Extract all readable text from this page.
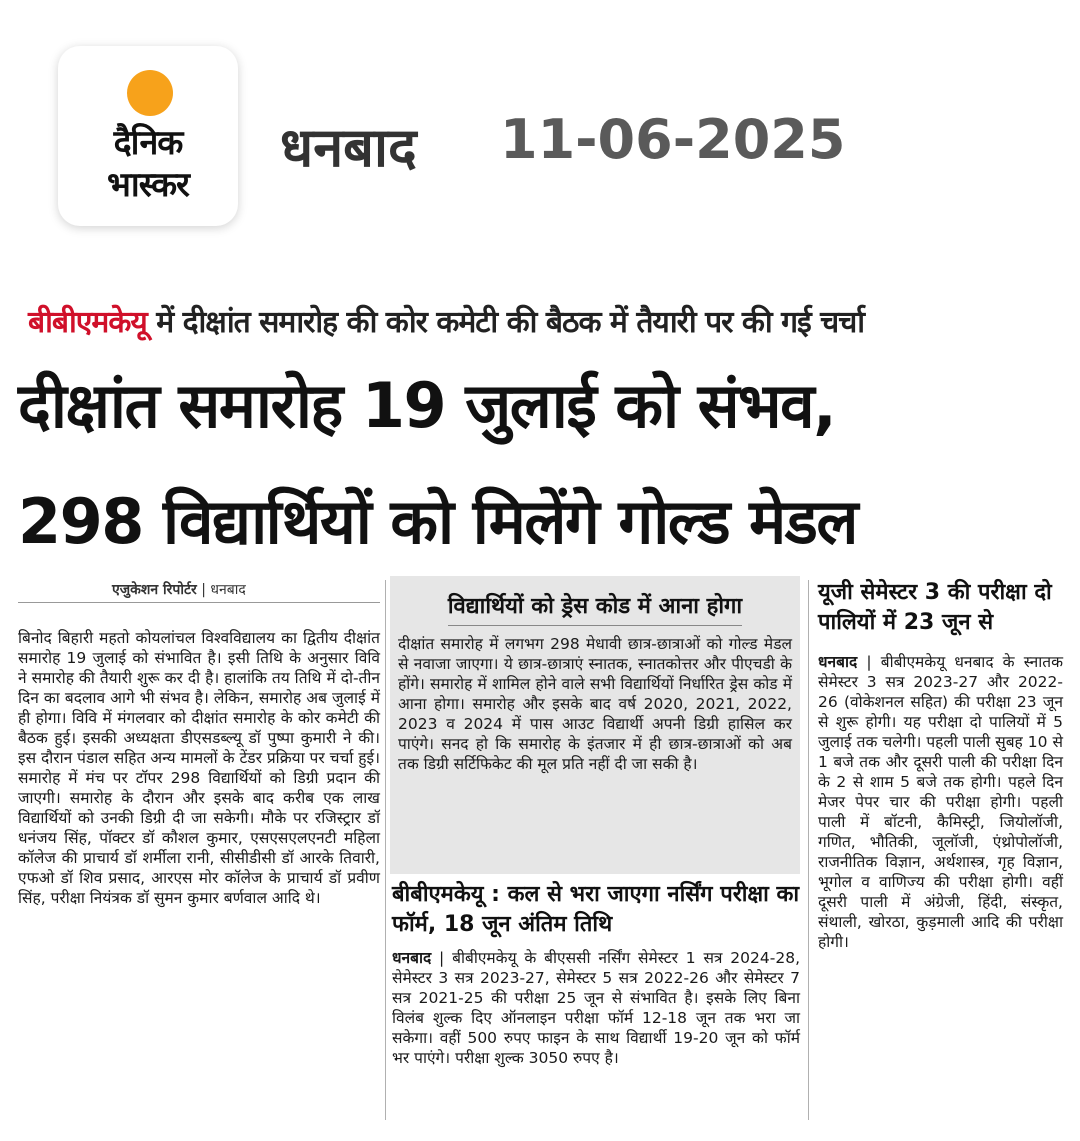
दैनिक
भास्कर
धनबाद 11-06-2025
बीबीएमकेयू में दीक्षांत समारोह की कोर कमेटी की बैठक में तैयारी पर की गई चर्चा
दीक्षांत समारोह 19 जुलाई को संभव,
298 विद्यार्थियों को मिलेंगे गोल्ड मेडल
एजुकेशन रिपोर्टर | धनबाद
बिनोद बिहारी महतो कोयलांचल विश्वविद्यालय का द्वितीय दीक्षांत समारोह 19 जुलाई को संभावित है। इसी तिथि के अनुसार विवि ने समारोह की तैयारी शुरू कर दी है। हालांकि तय तिथि में दो-तीन दिन का बदलाव आगे भी संभव है। लेकिन, समारोह अब जुलाई में ही होगा। विवि में मंगलवार को दीक्षांत समारोह के कोर कमेटी की बैठक हुई। इसकी अध्यक्षता डीएसडब्ल्यू डॉ पुष्पा कुमारी ने की। इस दौरान पंडाल सहित अन्य मामलों के टेंडर प्रक्रिया पर चर्चा हुई। समारोह में मंच पर टॉपर 298 विद्यार्थियों को डिग्री प्रदान की जाएगी। समारोह के दौरान और इसके बाद करीब एक लाख विद्यार्थियों को उनकी डिग्री दी जा सकेगी। मौके पर रजिस्ट्रार डॉ धनंजय सिंह, पॉक्टर डॉ कौशल कुमार, एसएसएलएनटी महिला कॉलेज की प्राचार्य डॉ शर्मीला रानी, सीसीडीसी डॉ आरके तिवारी, एफओ डॉ शिव प्रसाद, आरएस मोर कॉलेज के प्राचार्य डॉ प्रवीण सिंह, परीक्षा नियंत्रक डॉ सुमन कुमार बर्णवाल आदि थे।
विद्यार्थियों को ड्रेस कोड में आना होगा
दीक्षांत समारोह में लगभग 298 मेधावी छात्र-छात्राओं को गोल्ड मेडल से नवाजा जाएगा। ये छात्र-छात्राएं स्नातक, स्नातकोत्तर और पीएचडी के होंगे। समारोह में शामिल होने वाले सभी विद्यार्थियों निर्धारित ड्रेस कोड में आना होगा। समारोह और इसके बाद वर्ष 2020, 2021, 2022, 2023 व 2024 में पास आउट विद्यार्थी अपनी डिग्री हासिल कर पाएंगे। सनद हो कि समारोह के इंतजार में ही छात्र-छात्राओं को अब तक डिग्री सर्टिफिकेट की मूल प्रति नहीं दी जा सकी है।
बीबीएमकेयू : कल से भरा जाएगा नर्सिंग परीक्षा का फॉर्म, 18 जून अंतिम तिथि
धनबाद | बीबीएमकेयू के बीएससी नर्सिंग सेमेस्टर 1 सत्र 2024-28, सेमेस्टर 3 सत्र 2023-27, सेमेस्टर 5 सत्र 2022-26 और सेमेस्टर 7 सत्र 2021-25 की परीक्षा 25 जून से संभावित है। इसके लिए बिना विलंब शुल्क दिए ऑनलाइन परीक्षा फॉर्म 12-18 जून तक भरा जा सकेगा। वहीं 500 रुपए फाइन के साथ विद्यार्थी 19-20 जून को फॉर्म भर पाएंगे। परीक्षा शुल्क 3050 रुपए है।
यूजी सेमेस्टर 3 की परीक्षा दो पालियों में 23 जून से
धनबाद | बीबीएमकेयू धनबाद के स्नातक सेमेस्टर 3 सत्र 2023-27 और 2022-26 (वोकेशनल सहित) की परीक्षा 23 जून से शुरू होगी। यह परीक्षा दो पालियों में 5 जुलाई तक चलेगी। पहली पाली सुबह 10 से 1 बजे तक और दूसरी पाली की परीक्षा दिन के 2 से शाम 5 बजे तक होगी। पहले दिन मेजर पेपर चार की परीक्षा होगी। पहली पाली में बॉटनी, कैमिस्ट्री, जियोलॉजी, गणित, भौतिकी, जूलॉजी, एंथ्रोपोलॉजी, राजनीतिक विज्ञान, अर्थशास्त्र, गृह विज्ञान, भूगोल व वाणिज्य की परीक्षा होगी। वहीं दूसरी पाली में अंग्रेजी, हिंदी, संस्कृत, संथाली, खोरठा, कुड़माली आदि की परीक्षा होगी।
